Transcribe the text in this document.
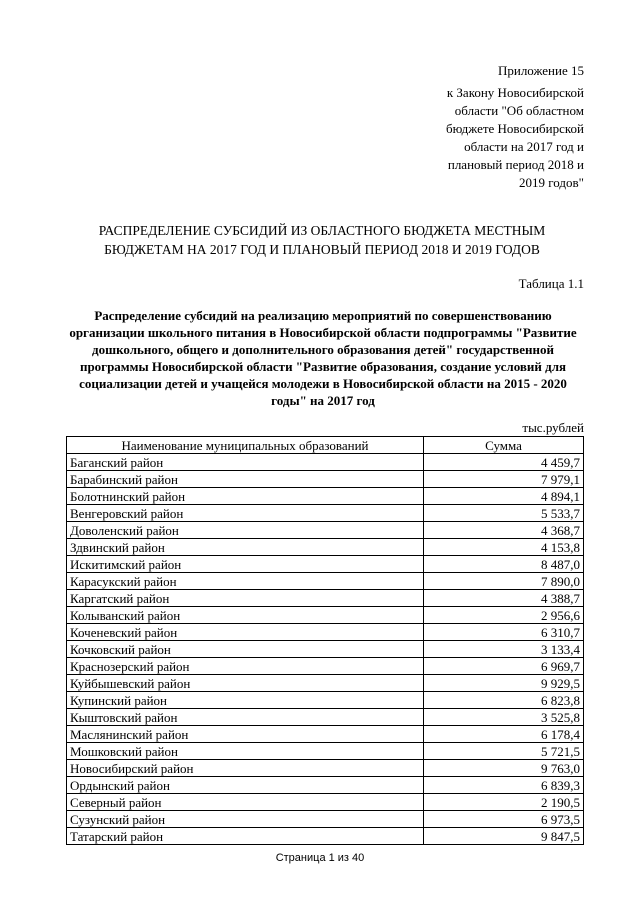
Приложение 15
к Закону Новосибирской
области "Об областном
бюджете Новосибирской
области на 2017 год и
плановый период 2018 и
2019 годов"
РАСПРЕДЕЛЕНИЕ СУБСИДИЙ ИЗ ОБЛАСТНОГО БЮДЖЕТА МЕСТНЫМ
БЮДЖЕТАМ НА 2017 ГОД И ПЛАНОВЫЙ ПЕРИОД 2018 И 2019 ГОДОВ
Таблица 1.1
Распределение субсидий на реализацию мероприятий по совершенствованию
организации школьного питания в Новосибирской области подпрограммы "Развитие
дошкольного, общего и дополнительного образования детей" государственной
программы Новосибирской области "Развитие образования, создание условий для
социализации детей и учащейся молодежи в Новосибирской области на 2015 - 2020
годы" на 2017 год
тыс.рублей
Наименование муниципальных образований	Сумма
Баганский район	4 459,7
Барабинский район	7 979,1
Болотнинский район	4 894,1
Венгеровский район	5 533,7
Доволенский район	4 368,7
Здвинский район	4 153,8
Искитимский район	8 487,0
Карасукский район	7 890,0
Каргатский район	4 388,7
Колыванский район	2 956,6
Коченевский район	6 310,7
Кочковский район	3 133,4
Краснозерский район	6 969,7
Куйбышевский район	9 929,5
Купинский район	6 823,8
Кыштовский район	3 525,8
Маслянинский район	6 178,4
Мошковский район	5 721,5
Новосибирский район	9 763,0
Ордынский район	6 839,3
Северный район	2 190,5
Сузунский район	6 973,5
Татарский район	9 847,5
Страница 1 из 40
